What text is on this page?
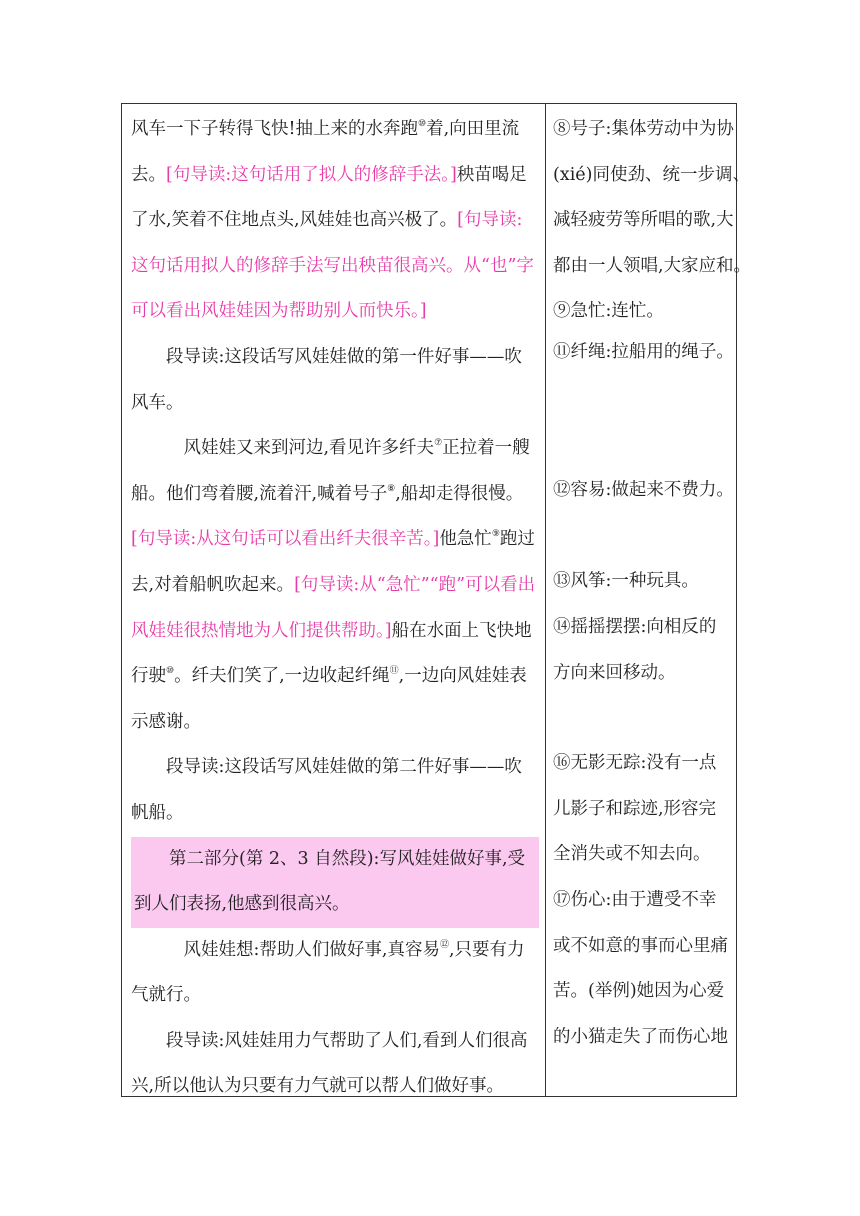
风车一下子转得飞快!抽上来的水奔跑⑩着,向田里流去。[句导读:这句话用了拟人的修辞手法。]秧苗喝足了水,笑着不住地点头,风娃娃也高兴极了。[句导读:这句话用拟人的修辞手法写出秧苗很高兴。从“也”字可以看出风娃娃因为帮助别人而快乐。]

段导读:这段话写风娃娃做的第一件好事——吹风车。

风娃娃又来到河边,看见许多纤夫⑦正拉着一艘船。他们弯着腰,流着汗,喊着号子⑧,船却走得很慢。[句导读:从这句话可以看出纤夫很辛苦。]他急忙⑨跑过去,对着船帆吹起来。[句导读:从“急忙”“跑”可以看出风娃娃很热情地为人们提供帮助。]船在水面上飞快地行驶⑩。纤夫们笑了,一边收起纤绳⑪,一边向风娃娃表示感谢。

段导读:这段话写风娃娃做的第二件好事——吹帆船。

第二部分(第 2、3 自然段):写风娃娃做好事,受到人们表扬,他感到很高兴。

风娃娃想:帮助人们做好事,真容易⑫,只要有力气就行。

段导读:风娃娃用力气帮助了人们,看到人们很高兴,所以他认为只要有力气就可以帮人们做好事。

⑧号子:集体劳动中为协

(xié)同使劲、统一步调、

减轻疲劳等所唱的歌,大

都由一人领唱,大家应和。

⑨急忙:连忙。

⑪纤绳:拉船用的绳子。

⑫容易:做起来不费力。

⑬风筝:一种玩具。

⑭摇摇摆摆:向相反的

方向来回移动。

⑯无影无踪:没有一点

儿影子和踪迹,形容完

全消失或不知去向。

⑰伤心:由于遭受不幸

或不如意的事而心里痛

苦。(举例)她因为心爱

的小猫走失了而伤心地
